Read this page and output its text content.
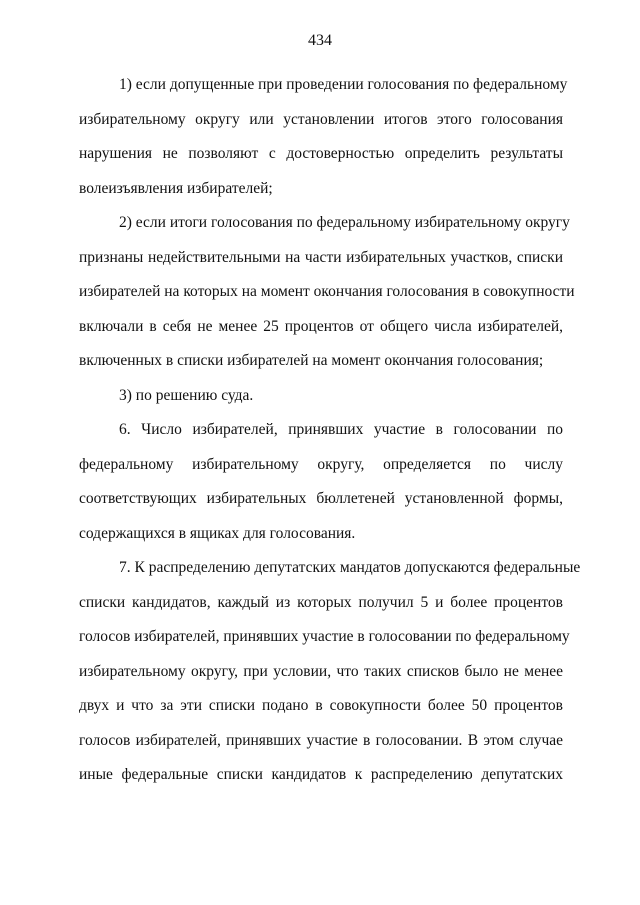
434

1) если допущенные при проведении голосования по федеральному
избирательному округу или установлении итогов этого голосования
нарушения не позволяют с достоверностью определить результаты
волеизъявления избирателей;

2) если итоги голосования по федеральному избирательному округу
признаны недействительными на части избирательных участков, списки
избирателей на которых на момент окончания голосования в совокупности
включали в себя не менее 25 процентов от общего числа избирателей,
включенных в списки избирателей на момент окончания голосования;

3) по решению суда.

6. Число избирателей, принявших участие в голосовании по
федеральному избирательному округу, определяется по числу
соответствующих избирательных бюллетеней установленной формы,
содержащихся в ящиках для голосования.

7. К распределению депутатских мандатов допускаются федеральные
списки кандидатов, каждый из которых получил 5 и более процентов
голосов избирателей, принявших участие в голосовании по федеральному
избирательному округу, при условии, что таких списков было не менее
двух и что за эти списки подано в совокупности более 50 процентов
голосов избирателей, принявших участие в голосовании. В этом случае
иные федеральные списки кандидатов к распределению депутатских
